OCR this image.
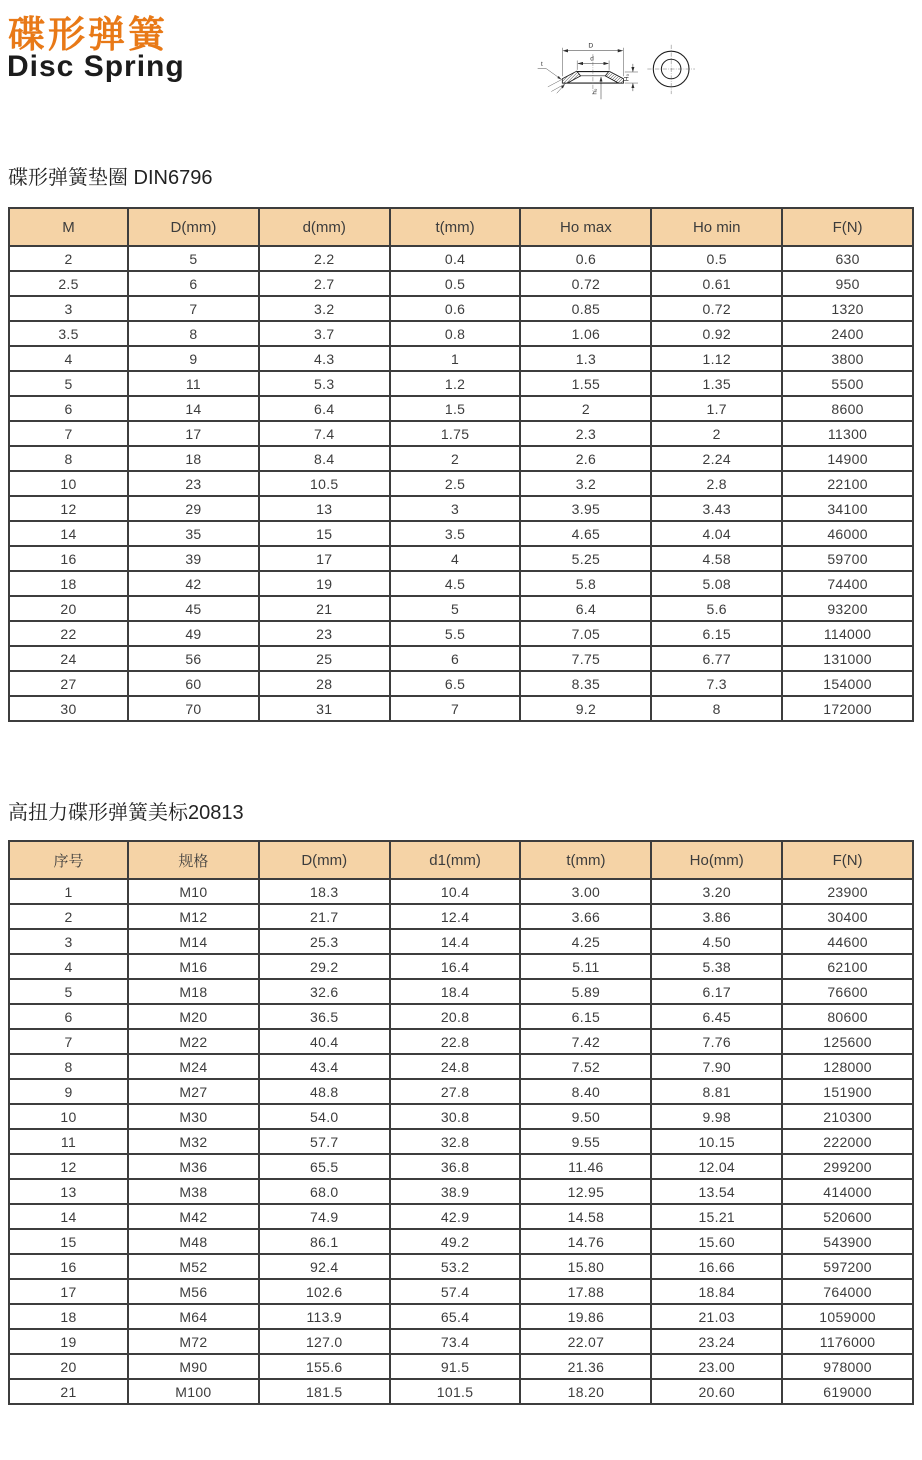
碟形弹簧
Disc Spring
D
d
t
H₀
h₀

碟形弹簧垫圈 DIN6796

M	D(mm)	d(mm)	t(mm)	Ho max	Ho min	F(N)
2	5	2.2	0.4	0.6	0.5	630
2.5	6	2.7	0.5	0.72	0.61	950
3	7	3.2	0.6	0.85	0.72	1320
3.5	8	3.7	0.8	1.06	0.92	2400
4	9	4.3	1	1.3	1.12	3800
5	11	5.3	1.2	1.55	1.35	5500
6	14	6.4	1.5	2	1.7	8600
7	17	7.4	1.75	2.3	2	11300
8	18	8.4	2	2.6	2.24	14900
10	23	10.5	2.5	3.2	2.8	22100
12	29	13	3	3.95	3.43	34100
14	35	15	3.5	4.65	4.04	46000
16	39	17	4	5.25	4.58	59700
18	42	19	4.5	5.8	5.08	74400
20	45	21	5	6.4	5.6	93200
22	49	23	5.5	7.05	6.15	114000
24	56	25	6	7.75	6.77	131000
27	60	28	6.5	8.35	7.3	154000
30	70	31	7	9.2	8	172000

高扭力碟形弹簧美标20813

序号	规格	D(mm)	d1(mm)	t(mm)	Ho(mm)	F(N)
1	M10	18.3	10.4	3.00	3.20	23900
2	M12	21.7	12.4	3.66	3.86	30400
3	M14	25.3	14.4	4.25	4.50	44600
4	M16	29.2	16.4	5.11	5.38	62100
5	M18	32.6	18.4	5.89	6.17	76600
6	M20	36.5	20.8	6.15	6.45	80600
7	M22	40.4	22.8	7.42	7.76	125600
8	M24	43.4	24.8	7.52	7.90	128000
9	M27	48.8	27.8	8.40	8.81	151900
10	M30	54.0	30.8	9.50	9.98	210300
11	M32	57.7	32.8	9.55	10.15	222000
12	M36	65.5	36.8	11.46	12.04	299200
13	M38	68.0	38.9	12.95	13.54	414000
14	M42	74.9	42.9	14.58	15.21	520600
15	M48	86.1	49.2	14.76	15.60	543900
16	M52	92.4	53.2	15.80	16.66	597200
17	M56	102.6	57.4	17.88	18.84	764000
18	M64	113.9	65.4	19.86	21.03	1059000
19	M72	127.0	73.4	22.07	23.24	1176000
20	M90	155.6	91.5	21.36	23.00	978000
21	M100	181.5	101.5	18.20	20.60	619000
